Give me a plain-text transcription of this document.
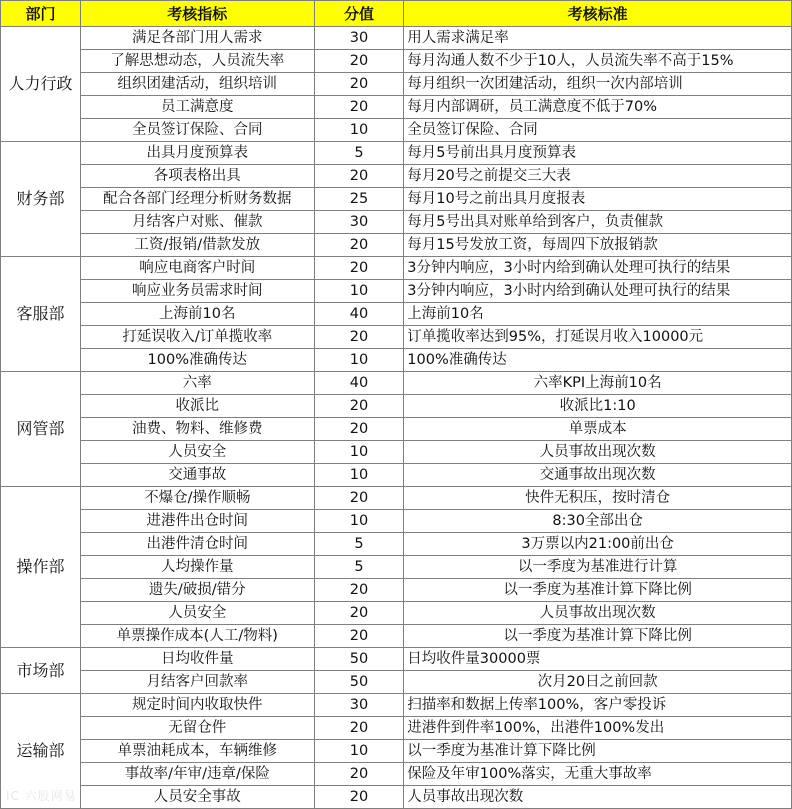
部门	考核指标	分值	考核标准
人力行政	满足各部门用人需求	30	用人需求满足率
	了解思想动态，人员流失率	20	每月沟通人数不少于10人，人员流失率不高于15%
	组织团建活动，组织培训	20	每月组织一次团建活动，组织一次内部培训
	员工满意度	20	每月内部调研，员工满意度不低于70%
	全员签订保险、合同	10	全员签订保险、合同
财务部	出具月度预算表	5	每月5号前出具月度预算表
	各项表格出具	20	每月20号之前提交三大表
	配合各部门经理分析财务数据	25	每月10号之前出具月度报表
	月结客户对账、催款	30	每月5号出具对账单给到客户，负责催款
	工资/报销/借款发放	20	每月15号发放工资，每周四下放报销款
客服部	响应电商客户时间	20	3分钟内响应，3小时内给到确认处理可执行的结果
	响应业务员需求时间	10	3分钟内响应，3小时内给到确认处理可执行的结果
	上海前10名	40	上海前10名
	打延误收入/订单揽收率	20	订单揽收率达到95%，打延误月收入10000元
	100%准确传达	10	100%准确传达
网管部	六率	40	六率KPI上海前10名
	收派比	20	收派比1:10
	油费、物料、维修费	20	单票成本
	人员安全	10	人员事故出现次数
	交通事故	10	交通事故出现次数
操作部	不爆仓/操作顺畅	20	快件无积压，按时清仓
	进港件出仓时间	10	8:30全部出仓
	出港件清仓时间	5	3万票以内21:00前出仓
	人均操作量	5	以一季度为基准进行计算
	遗失/破损/错分	20	以一季度为基准计算下降比例
	人员安全	20	人员事故出现次数
	单票操作成本(人工/物料)	20	以一季度为基准计算下降比例
市场部	日均收件量	50	日均收件量30000票
	月结客户回款率	50	次月20日之前回款
运输部	规定时间内收取快件	30	扫描率和数据上传率100%，客户零投诉
	无留仓件	20	进港件到件率100%，出港件100%发出
	单票油耗成本，车辆维修	10	以一季度为基准计算下降比例
	事故率/年审/违章/保险	20	保险及年审100%落实，无重大事故率
	人员安全事故	20	人员事故出现次数
IC 六股网易
